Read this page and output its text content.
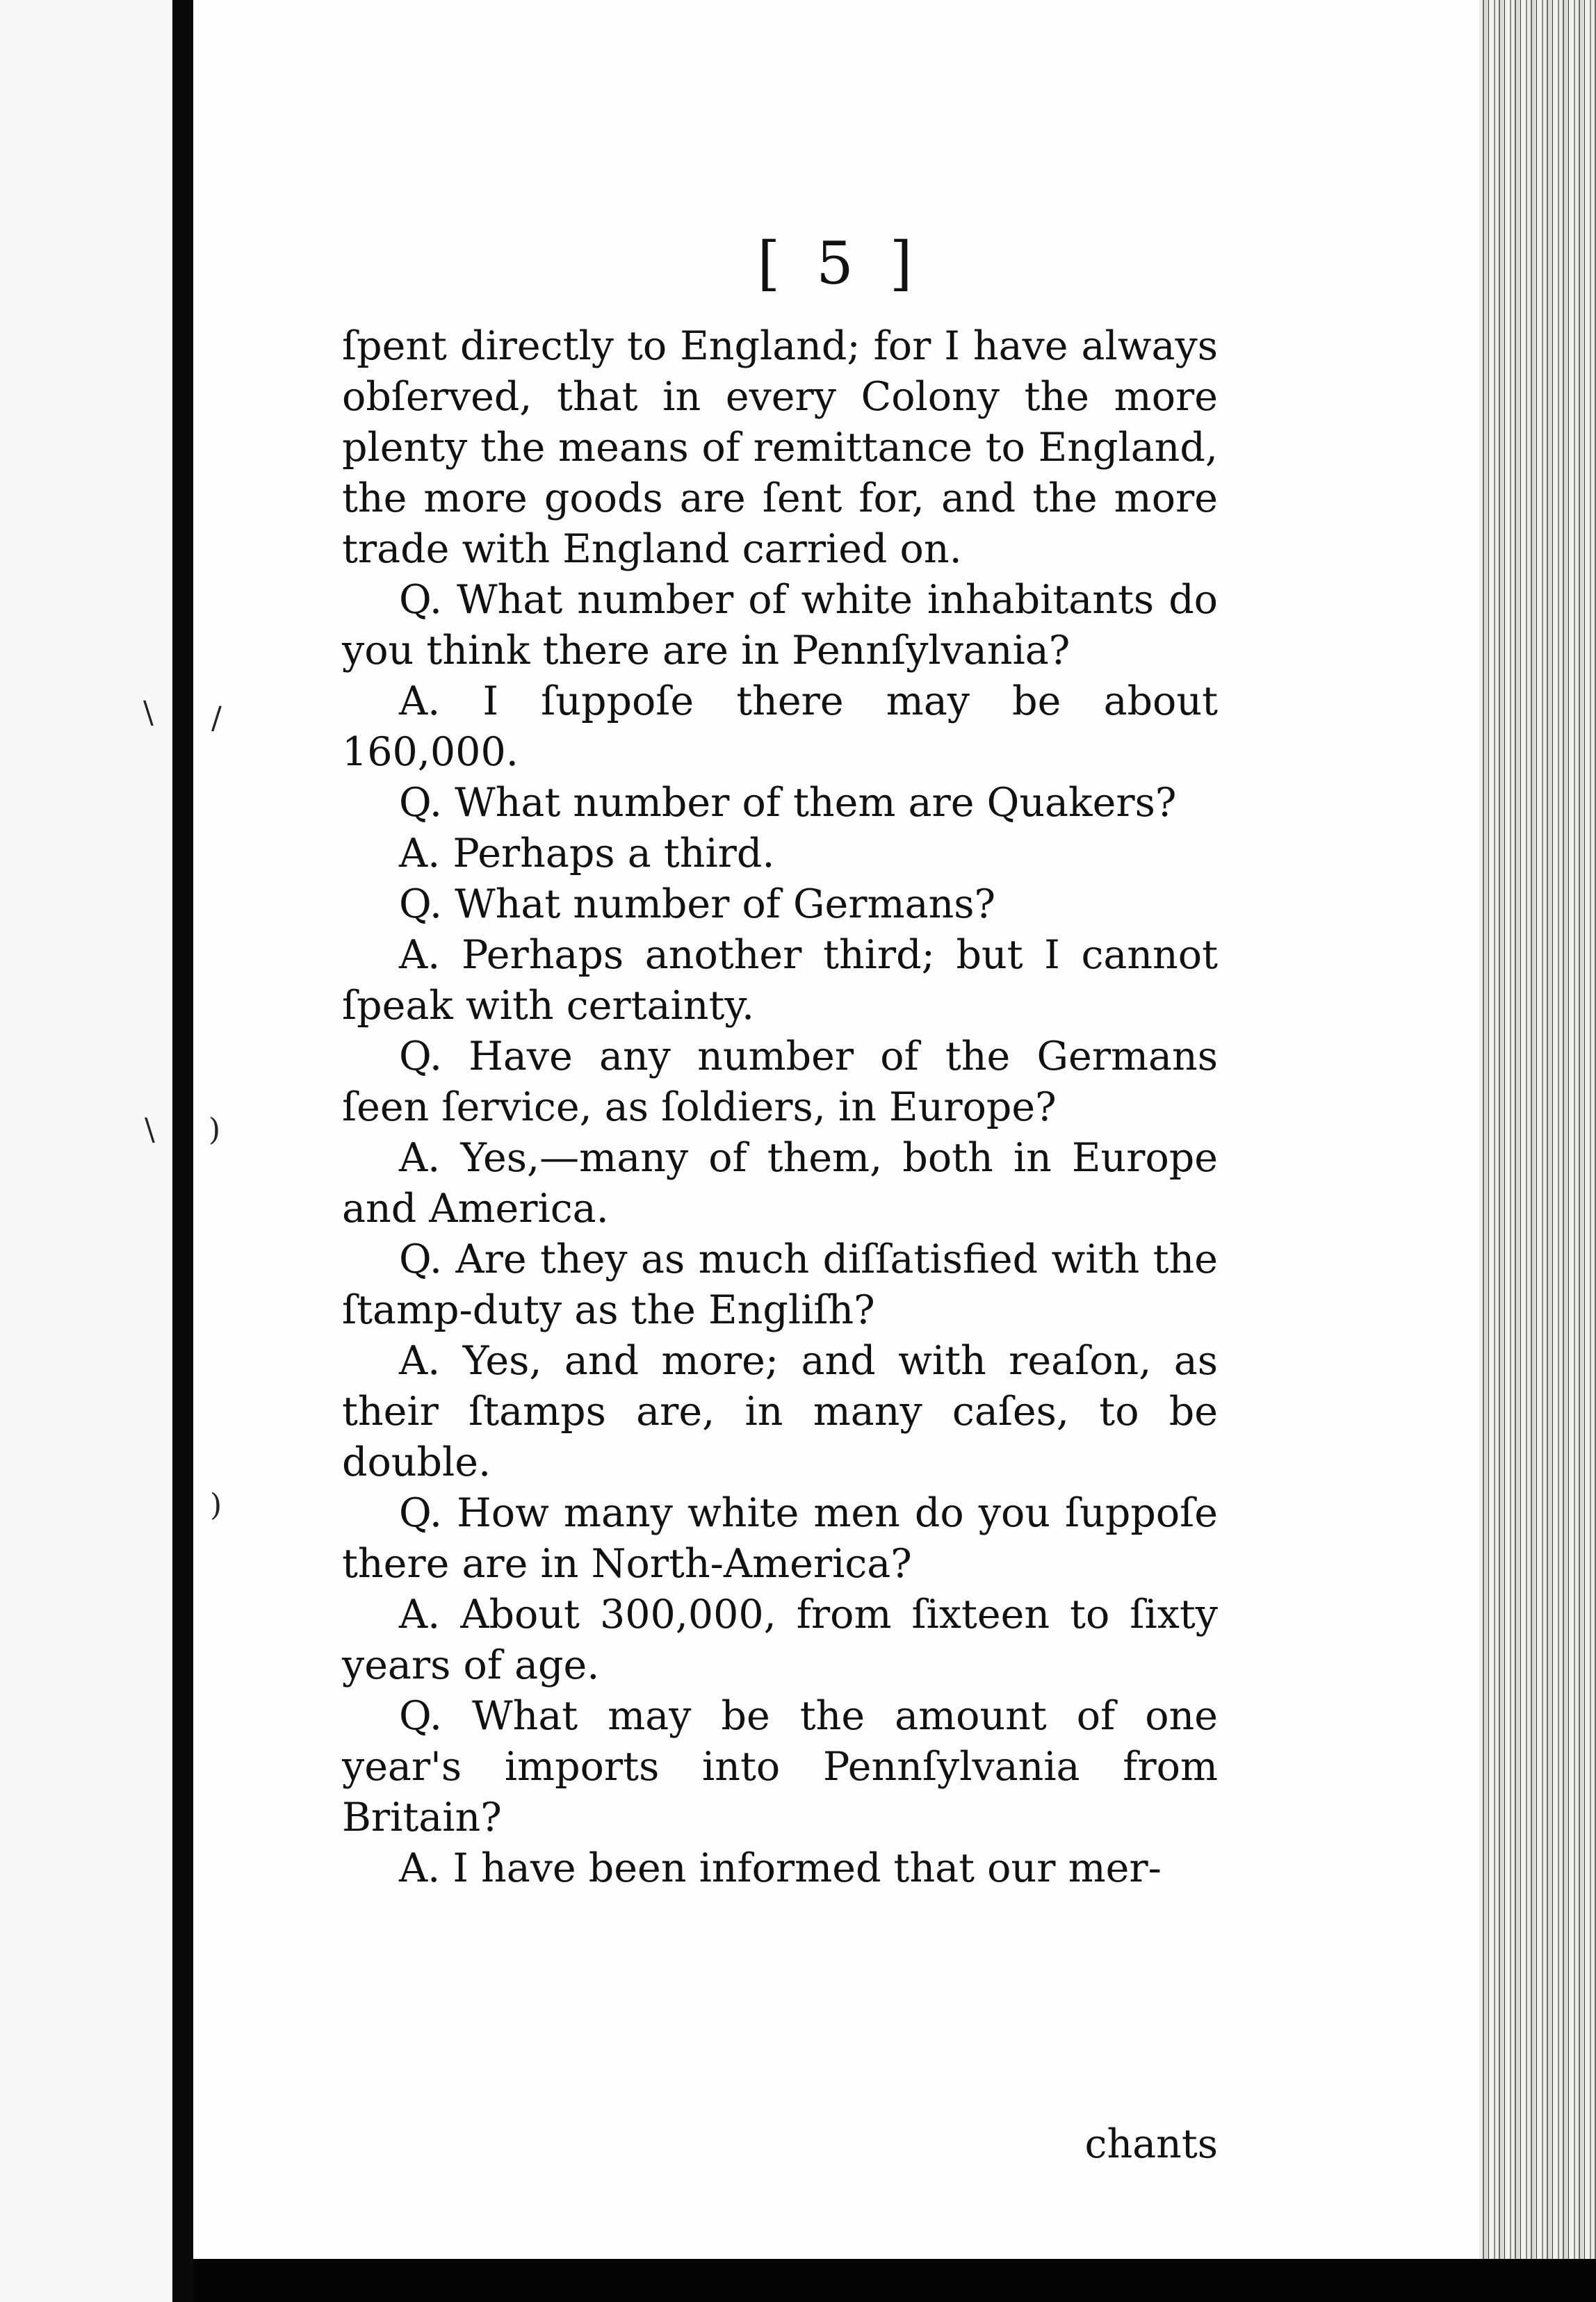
\
\
/
)
)
[ 5 ]

ſpent directly to England; for I have always obſerved, that in every Colony the more plenty the means of remittance to England, the more goods are ſent for, and the more trade with England carried on.

Q. What number of white inhabitants do you think there are in Pennſylvania?

A. I ſuppoſe there may be about 160,000.

Q. What number of them are Quakers?

A. Perhaps a third.

Q. What number of Germans?

A. Perhaps another third; but I cannot ſpeak with certainty.

Q. Have any number of the Germans ſeen ſervice, as ſoldiers, in Europe?

A. Yes,—many of them, both in Europe and America.

Q. Are they as much diſſatisfied with the ſtamp-duty as the Engliſh?

A. Yes, and more; and with reaſon, as their ſtamps are, in many caſes, to be double.

Q. How many white men do you ſuppoſe there are in North-America?

A. About 300,000, from ſixteen to ſixty years of age.

Q. What may be the amount of one year's imports into Pennſylvania from Britain?

A. I have been informed that our mer-

chants
